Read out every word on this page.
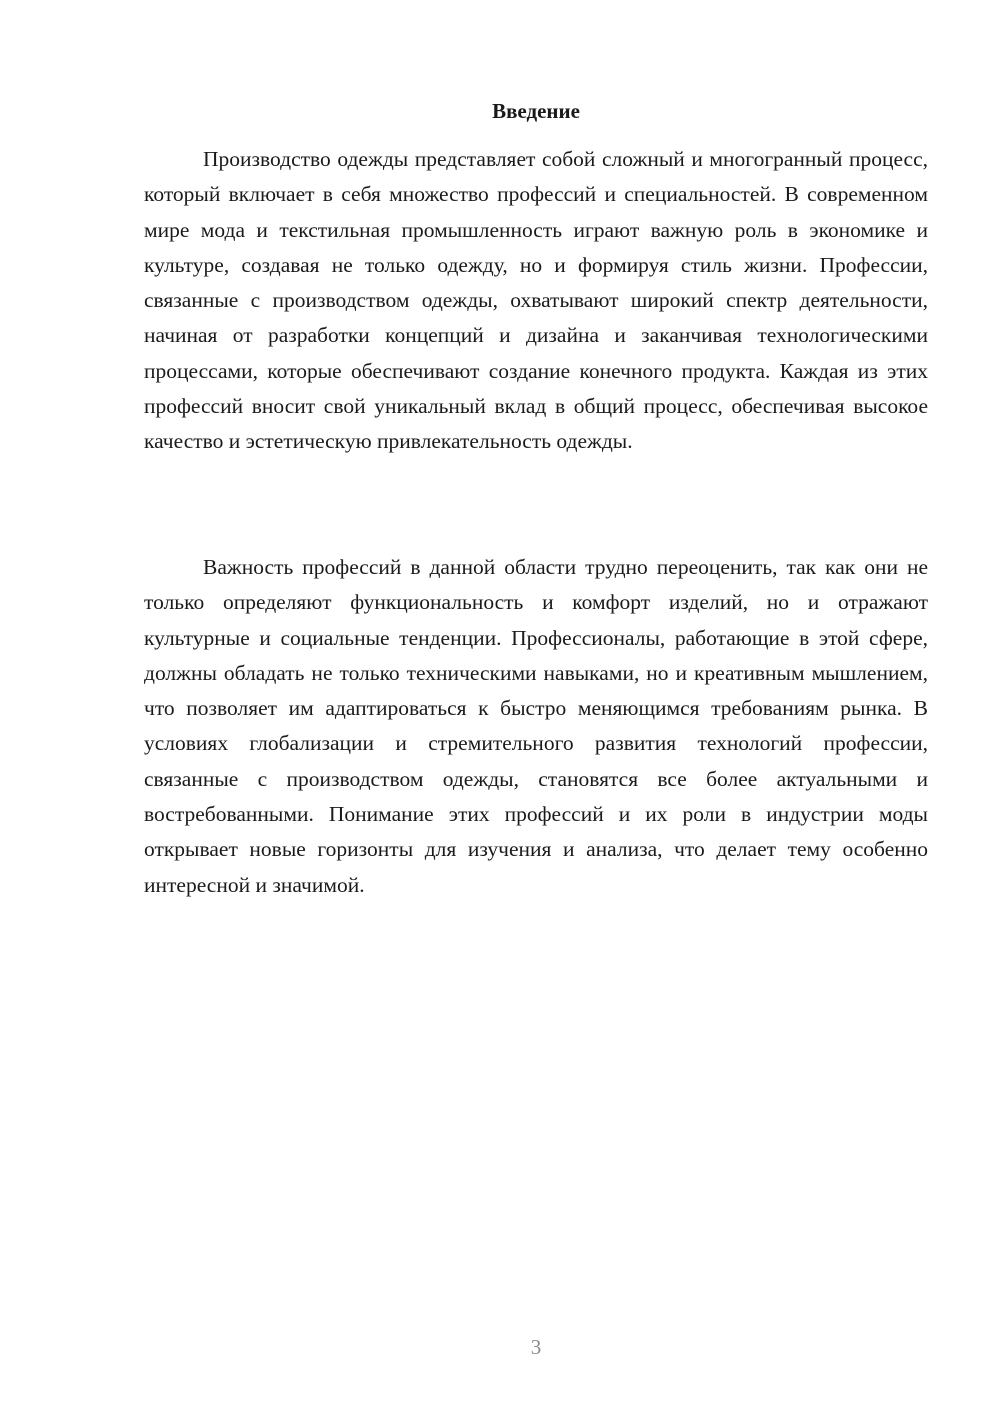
Введение

Производство одежды представляет собой сложный и многогранный процесс, который включает в себя множество профессий и специальностей. В современном мире мода и текстильная промышленность играют важную роль в экономике и культуре, создавая не только одежду, но и формируя стиль жизни. Профессии, связанные с производством одежды, охватывают широкий спектр деятельности, начиная от разработки концепций и дизайна и заканчивая технологическими процессами, которые обеспечивают создание конечного продукта. Каждая из этих профессий вносит свой уникальный вклад в общий процесс, обеспечивая высокое качество и эстетическую привлекательность одежды.

Важность профессий в данной области трудно переоценить, так как они не только определяют функциональность и комфорт изделий, но и отражают культурные и социальные тенденции. Профессионалы, работающие в этой сфере, должны обладать не только техническими навыками, но и креативным мышлением, что позволяет им адаптироваться к быстро меняющимся требованиям рынка. В условиях глобализации и стремительного развития технологий профессии, связанные с производством одежды, становятся все более актуальными и востребованными. Понимание этих профессий и их роли в индустрии моды открывает новые горизонты для изучения и анализа, что делает тему особенно интересной и значимой.

3
